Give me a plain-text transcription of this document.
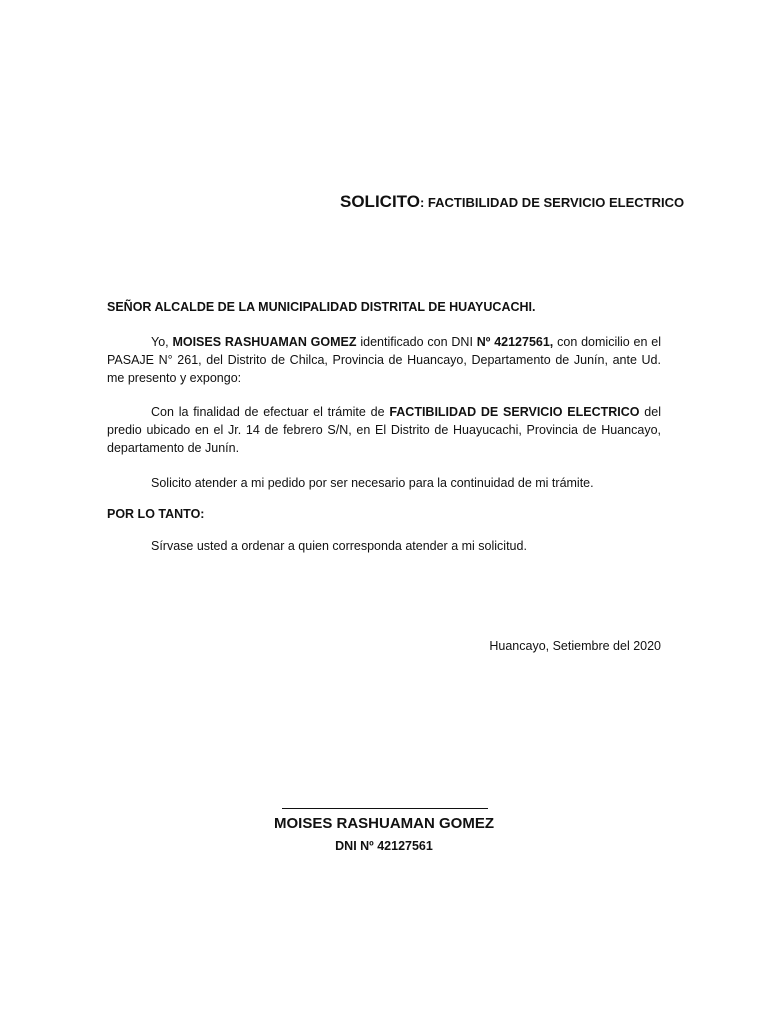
SOLICITO: FACTIBILIDAD DE SERVICIO ELECTRICO

SEÑOR ALCALDE DE LA MUNICIPALIDAD DISTRITAL DE HUAYUCACHI.

Yo, MOISES RASHUAMAN GOMEZ identificado con DNI Nº 42127561, con domicilio en el PASAJE N° 261, del Distrito de Chilca, Provincia de Huancayo, Departamento de Junín, ante Ud. me presento y expongo:

Con la finalidad de efectuar el trámite de FACTIBILIDAD DE SERVICIO ELECTRICO del predio ubicado en el Jr. 14 de febrero S/N, en El Distrito de Huayucachi, Provincia de Huancayo, departamento de Junín.

Solicito atender a mi pedido por ser necesario para la continuidad de mi trámite.

POR LO TANTO:

Sírvase usted a ordenar a quien corresponda atender a mi solicitud.

Huancayo, Setiembre del 2020

MOISES RASHUAMAN GOMEZ

DNI Nº 42127561
